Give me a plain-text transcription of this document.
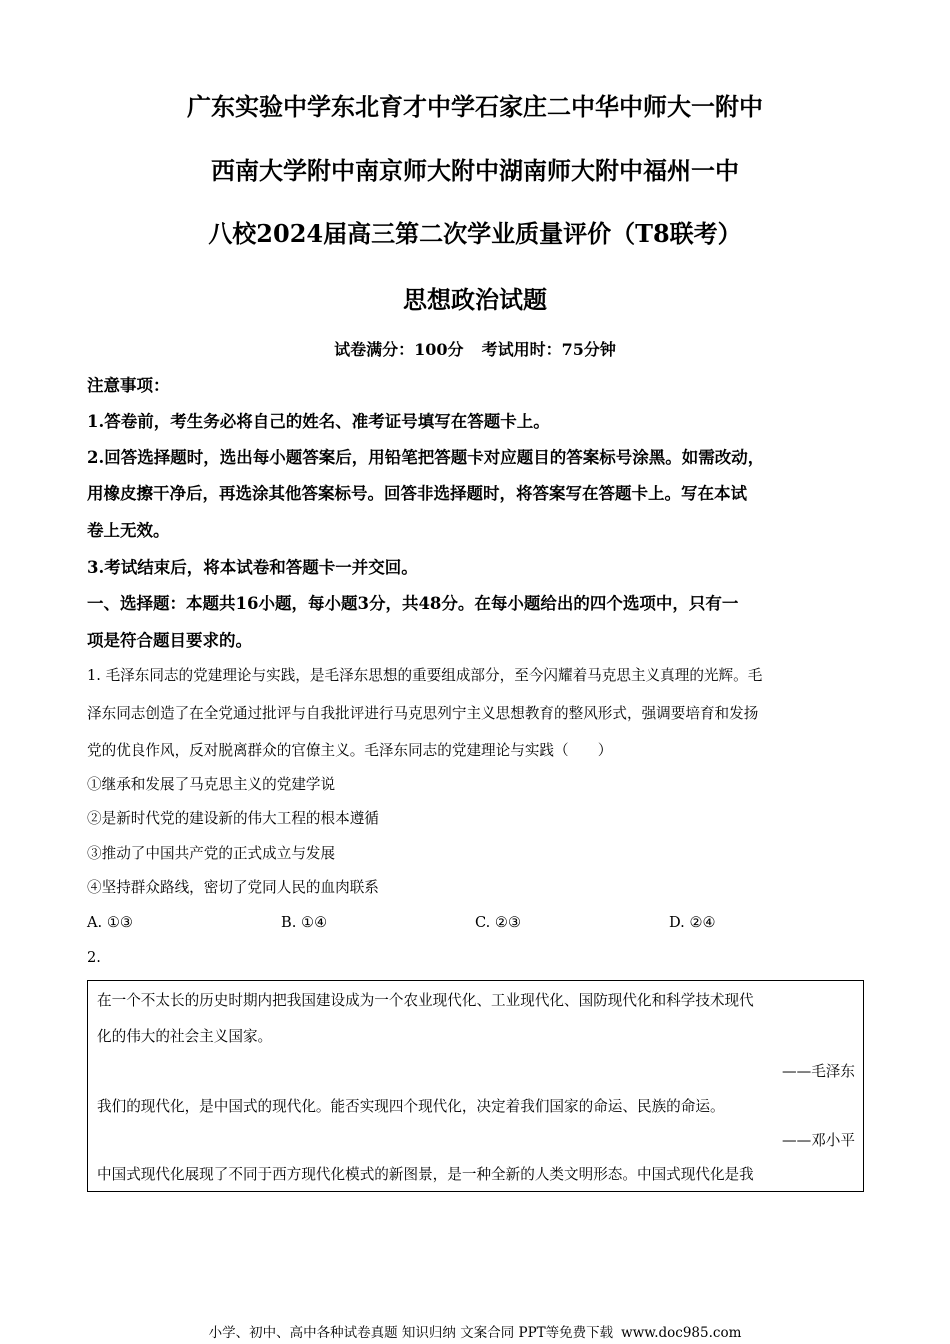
广东实验中学东北育才中学石家庄二中华中师大一附中
西南大学附中南京师大附中湖南师大附中福州一中
八校2024届高三第二次学业质量评价（T8联考）
思想政治试题
试卷满分：100分 考试用时：75分钟
注意事项：
1.答卷前，考生务必将自己的姓名、准考证号填写在答题卡上。
2.回答选择题时，选出每小题答案后，用铅笔把答题卡对应题目的答案标号涂黑。如需改动，
用橡皮擦干净后，再选涂其他答案标号。回答非选择题时，将答案写在答题卡上。写在本试
卷上无效。
3.考试结束后，将本试卷和答题卡一并交回。
一、选择题：本题共16小题，每小题3分，共48分。在每小题给出的四个选项中，只有一
项是符合题目要求的。
1. 毛泽东同志的党建理论与实践，是毛泽东思想的重要组成部分，至今闪耀着马克思主义真理的光辉。毛
泽东同志创造了在全党通过批评与自我批评进行马克思列宁主义思想教育的整风形式，强调要培育和发扬
党的优良作风，反对脱离群众的官僚主义。毛泽东同志的党建理论与实践（　　）
①继承和发展了马克思主义的党建学说
②是新时代党的建设新的伟大工程的根本遵循
③推动了中国共产党的正式成立与发展
④坚持群众路线，密切了党同人民的血肉联系
A. ①③	B. ①④	C. ②③	D. ②④
2.
在一个不太长的历史时期内把我国建设成为一个农业现代化、工业现代化、国防现代化和科学技术现代
化的伟大的社会主义国家。
——毛泽东
我们的现代化，是中国式的现代化。能否实现四个现代化，决定着我们国家的命运、民族的命运。
——邓小平
中国式现代化展现了不同于西方现代化模式的新图景，是一种全新的人类文明形态。中国式现代化是我
小学、初中、高中各种试卷真题 知识归纳 文案合同 PPT等免费下载 www.doc985.com
